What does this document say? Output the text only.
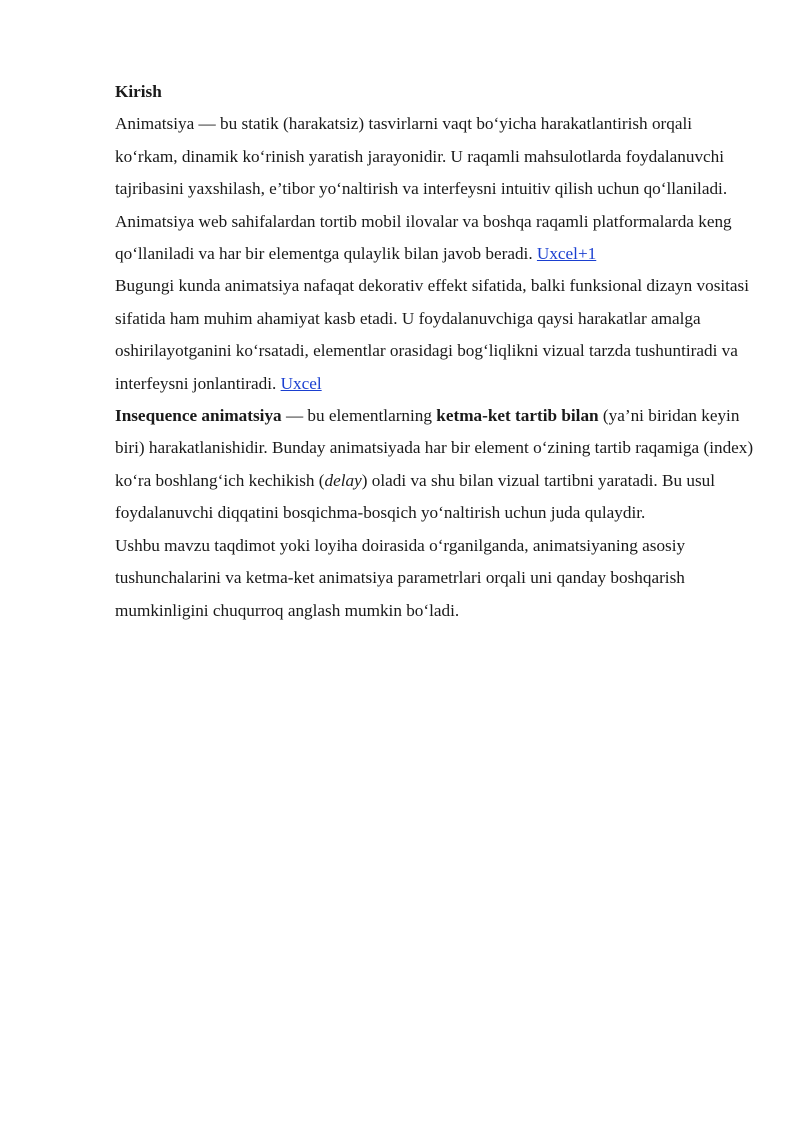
Kirish

Animatsiya — bu statik (harakatsiz) tasvirlarni vaqt bo‘yicha harakatlantirish orqali ko‘rkam, dinamik ko‘rinish yaratish jarayonidir. U raqamli mahsulotlarda foydalanuvchi tajribasini yaxshilash, e’tibor yo‘naltirish va interfeysni intuitiv qilish uchun qo‘llaniladi. Animatsiya web sahifalardan tortib mobil ilovalar va boshqa raqamli platformalarda keng qo‘llaniladi va har bir elementga qulaylik bilan javob beradi. Uxcel+1

Bugungi kunda animatsiya nafaqat dekorativ effekt sifatida, balki funksional dizayn vositasi sifatida ham muhim ahamiyat kasb etadi. U foydalanuvchiga qaysi harakatlar amalga oshirilayotganini ko‘rsatadi, elementlar orasidagi bog‘liqlikni vizual tarzda tushuntiradi va interfeysni jonlantiradi. Uxcel

Insequence animatsiya — bu elementlarning ketma-ket tartib bilan (ya’ni biridan keyin biri) harakatlanishidir. Bunday animatsiyada har bir element o‘zining tartib raqamiga (index) ko‘ra boshlang‘ich kechikish (delay) oladi va shu bilan vizual tartibni yaratadi. Bu usul foydalanuvchi diqqatini bosqichma-bosqich yo‘naltirish uchun juda qulaydir.

Ushbu mavzu taqdimot yoki loyiha doirasida o‘rganilganda, animatsiyaning asosiy tushunchalarini va ketma-ket animatsiya parametrlari orqali uni qanday boshqarish mumkinligini chuqurroq anglash mumkin bo‘ladi.
